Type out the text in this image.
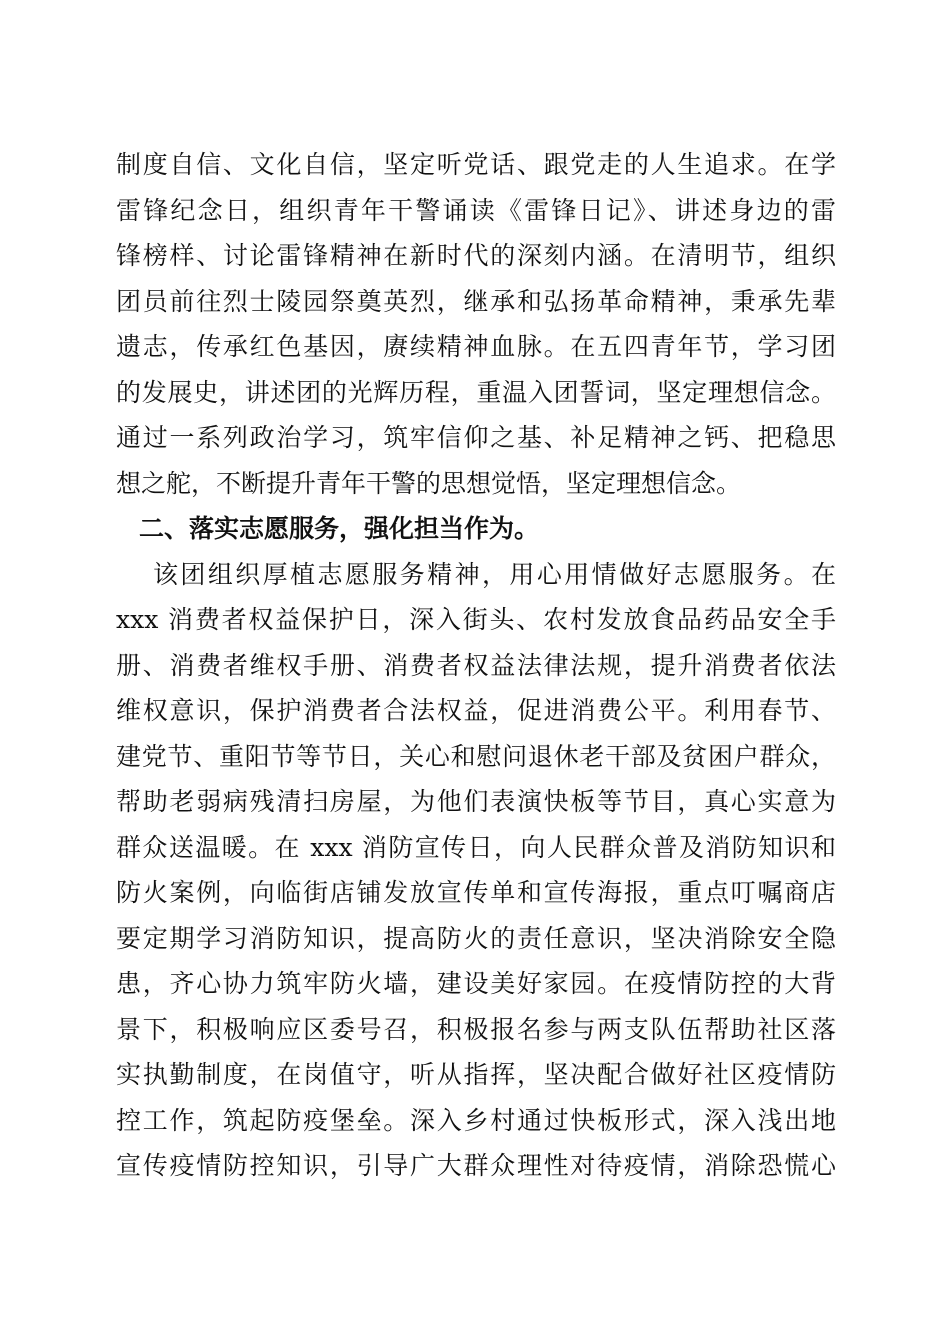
制度自信、文化自信，坚定听党话、跟党走的人生追求。在学
雷锋纪念日，组织青年干警诵读《雷锋日记》、讲述身边的雷
锋榜样、讨论雷锋精神在新时代的深刻内涵。在清明节，组织
团员前往烈士陵园祭奠英烈，继承和弘扬革命精神，秉承先辈
遗志，传承红色基因，赓续精神血脉。在五四青年节，学习团
的发展史，讲述团的光辉历程，重温入团誓词，坚定理想信念。
通过一系列政治学习，筑牢信仰之基、补足精神之钙、把稳思
想之舵，不断提升青年干警的思想觉悟，坚定理想信念。
二、落实志愿服务，强化担当作为。
该团组织厚植志愿服务精神，用心用情做好志愿服务。在
xxx 消费者权益保护日，深入街头、农村发放食品药品安全手
册、消费者维权手册、消费者权益法律法规，提升消费者依法
维权意识，保护消费者合法权益，促进消费公平。利用春节、
建党节、重阳节等节日，关心和慰问退休老干部及贫困户群众，
帮助老弱病残清扫房屋，为他们表演快板等节目，真心实意为
群众送温暖。在 xxx 消防宣传日，向人民群众普及消防知识和
防火案例，向临街店铺发放宣传单和宣传海报，重点叮嘱商店
要定期学习消防知识，提高防火的责任意识，坚决消除安全隐
患，齐心协力筑牢防火墙，建设美好家园。在疫情防控的大背
景下，积极响应区委号召，积极报名参与两支队伍帮助社区落
实执勤制度，在岗值守，听从指挥，坚决配合做好社区疫情防
控工作，筑起防疫堡垒。深入乡村通过快板形式，深入浅出地
宣传疫情防控知识，引导广大群众理性对待疫情，消除恐慌心
